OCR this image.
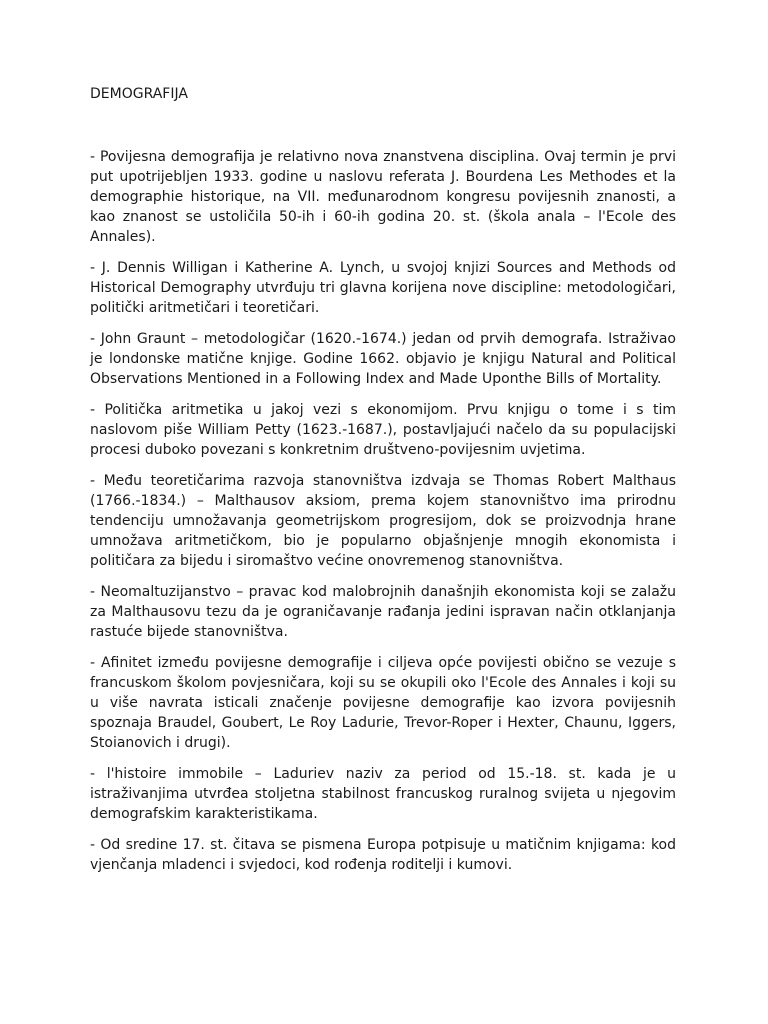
DEMOGRAFIJA

- Povijesna demografija je relativno nova znanstvena disciplina. Ovaj termin je prvi put upotrijebljen 1933. godine u naslovu referata J. Bourdena Les Methodes et la demographie historique, na VII. međunarodnom kongresu povijesnih znanosti, a kao znanost se ustoličila 50-ih i 60-ih godina 20. st. (škola anala – l'Ecole des Annales).

- J. Dennis Willigan i Katherine A. Lynch, u svojoj knjizi Sources and Methods od Historical Demography utvrđuju tri glavna korijena nove discipline: metodologičari, politički aritmetičari i teoretičari.

- John Graunt – metodologičar (1620.-1674.) jedan od prvih demografa. Istraživao je londonske matične knjige. Godine 1662. objavio je knjigu Natural and Political Observations Mentioned in a Following Index and Made Uponthe Bills of Mortality.

- Politička aritmetika u jakoj vezi s ekonomijom. Prvu knjigu o tome i s tim naslovom piše William Petty (1623.-1687.), postavljajući načelo da su populacijski procesi duboko povezani s konkretnim društveno-povijesnim uvjetima.

- Među teoretičarima razvoja stanovništva izdvaja se Thomas Robert Malthaus (1766.-1834.) – Malthausov aksiom, prema kojem stanovništvo ima prirodnu tendenciju umnožavanja geometrijskom progresijom, dok se proizvodnja hrane umnožava aritmetičkom, bio je popularno objašnjenje mnogih ekonomista i političara za bijedu i siromaštvo većine onovremenog stanovništva.

- Neomaltuzijanstvo – pravac kod malobrojnih današnjih ekonomista koji se zalažu za Malthausovu tezu da je ograničavanje rađanja jedini ispravan način otklanjanja rastuće bijede stanovništva.

- Afinitet između povijesne demografije i ciljeva opće povijesti obično se vezuje s francuskom školom povjesničara, koji su se okupili oko l'Ecole des Annales i koji su u više navrata isticali značenje povijesne demografije kao izvora povijesnih spoznaja Braudel, Goubert, Le Roy Ladurie, Trevor-Roper i Hexter, Chaunu, Iggers, Stoianovich i drugi).

- l'histoire immobile – Laduriev naziv za period od 15.-18. st. kada je u istraživanjima utvrđea stoljetna stabilnost francuskog ruralnog svijeta u njegovim demografskim karakteristikama.

- Od sredine 17. st. čitava se pismena Europa potpisuje u matičnim knjigama: kod vjenčanja mladenci i svjedoci, kod rođenja roditelji i kumovi.
